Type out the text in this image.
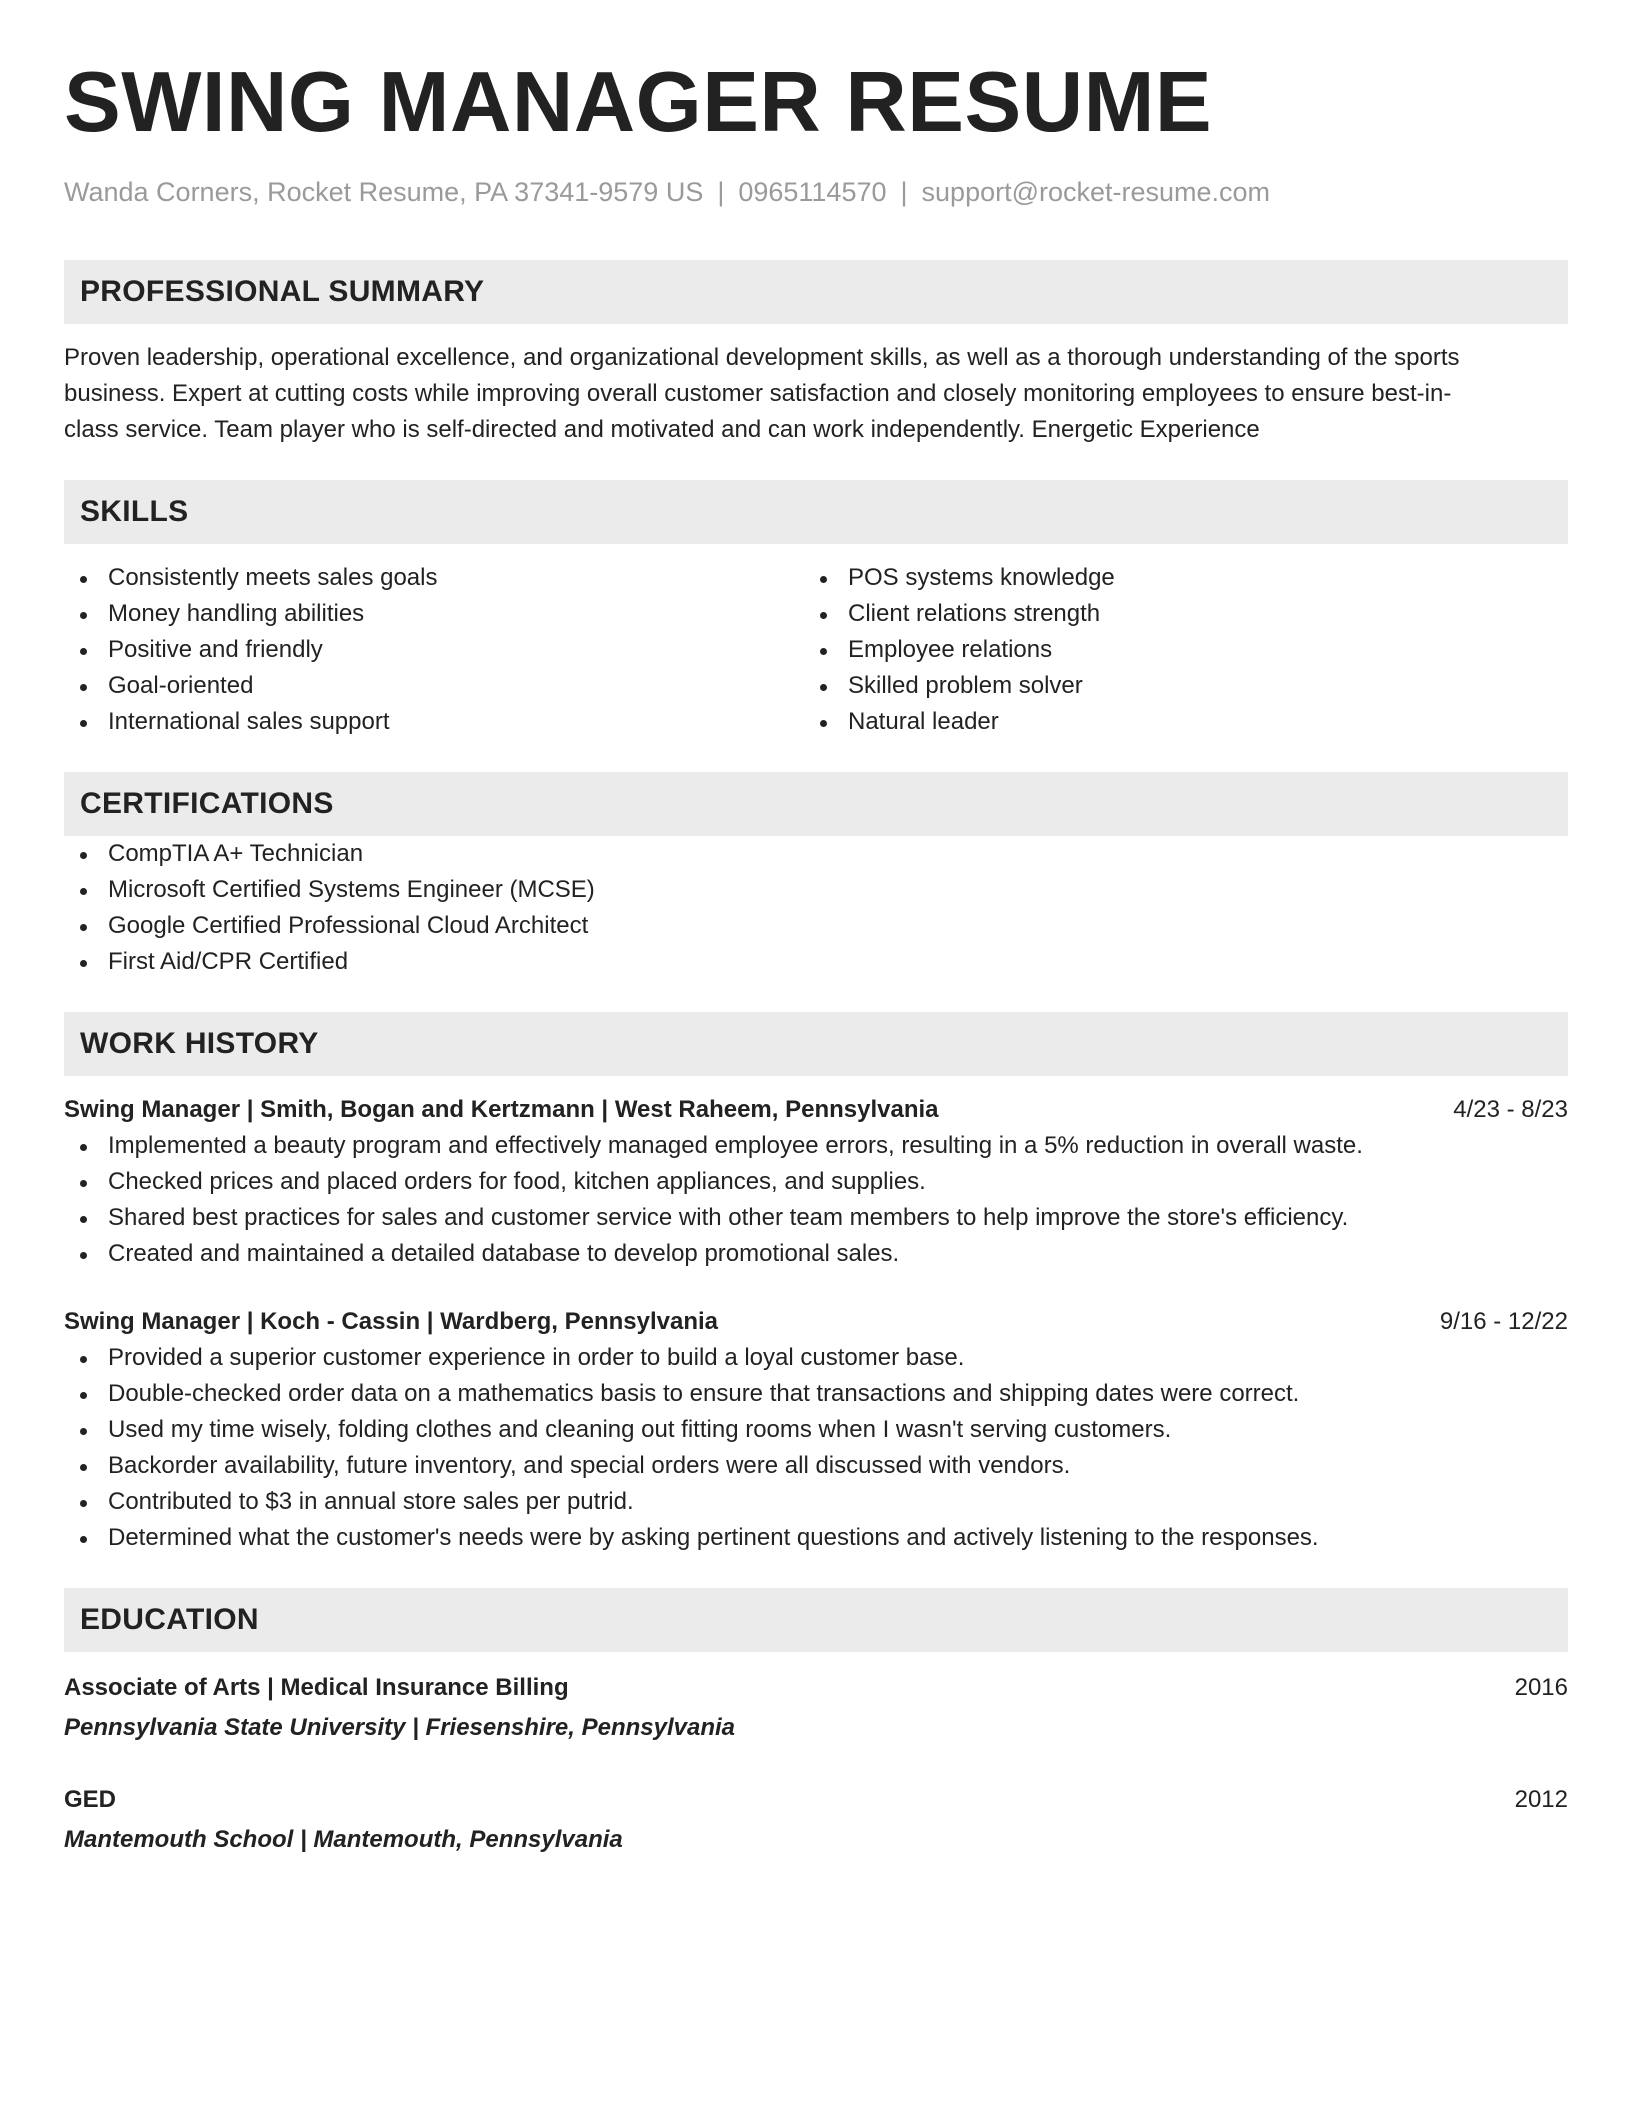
SWING MANAGER RESUME
Wanda Corners, Rocket Resume, PA 37341-9579 US | 0965114570 | support@rocket-resume.com
PROFESSIONAL SUMMARY
Proven leadership, operational excellence, and organizational development skills, as well as a thorough understanding of the sports
business. Expert at cutting costs while improving overall customer satisfaction and closely monitoring employees to ensure best-in-
class service. Team player who is self-directed and motivated and can work independently. Energetic Experience
SKILLS
Consistently meets sales goals
Money handling abilities
Positive and friendly
Goal-oriented
International sales support
POS systems knowledge
Client relations strength
Employee relations
Skilled problem solver
Natural leader
CERTIFICATIONS
CompTIA A+ Technician
Microsoft Certified Systems Engineer (MCSE)
Google Certified Professional Cloud Architect
First Aid/CPR Certified
WORK HISTORY
Swing Manager | Smith, Bogan and Kertzmann | West Raheem, Pennsylvania	4/23 - 8/23
Implemented a beauty program and effectively managed employee errors, resulting in a 5% reduction in overall waste.
Checked prices and placed orders for food, kitchen appliances, and supplies.
Shared best practices for sales and customer service with other team members to help improve the store's efficiency.
Created and maintained a detailed database to develop promotional sales.
Swing Manager | Koch - Cassin | Wardberg, Pennsylvania	9/16 - 12/22
Provided a superior customer experience in order to build a loyal customer base.
Double-checked order data on a mathematics basis to ensure that transactions and shipping dates were correct.
Used my time wisely, folding clothes and cleaning out fitting rooms when I wasn't serving customers.
Backorder availability, future inventory, and special orders were all discussed with vendors.
Contributed to $3 in annual store sales per putrid.
Determined what the customer's needs were by asking pertinent questions and actively listening to the responses.
EDUCATION
Associate of Arts | Medical Insurance Billing	2016
Pennsylvania State University | Friesenshire, Pennsylvania
GED	2012
Mantemouth School | Mantemouth, Pennsylvania
